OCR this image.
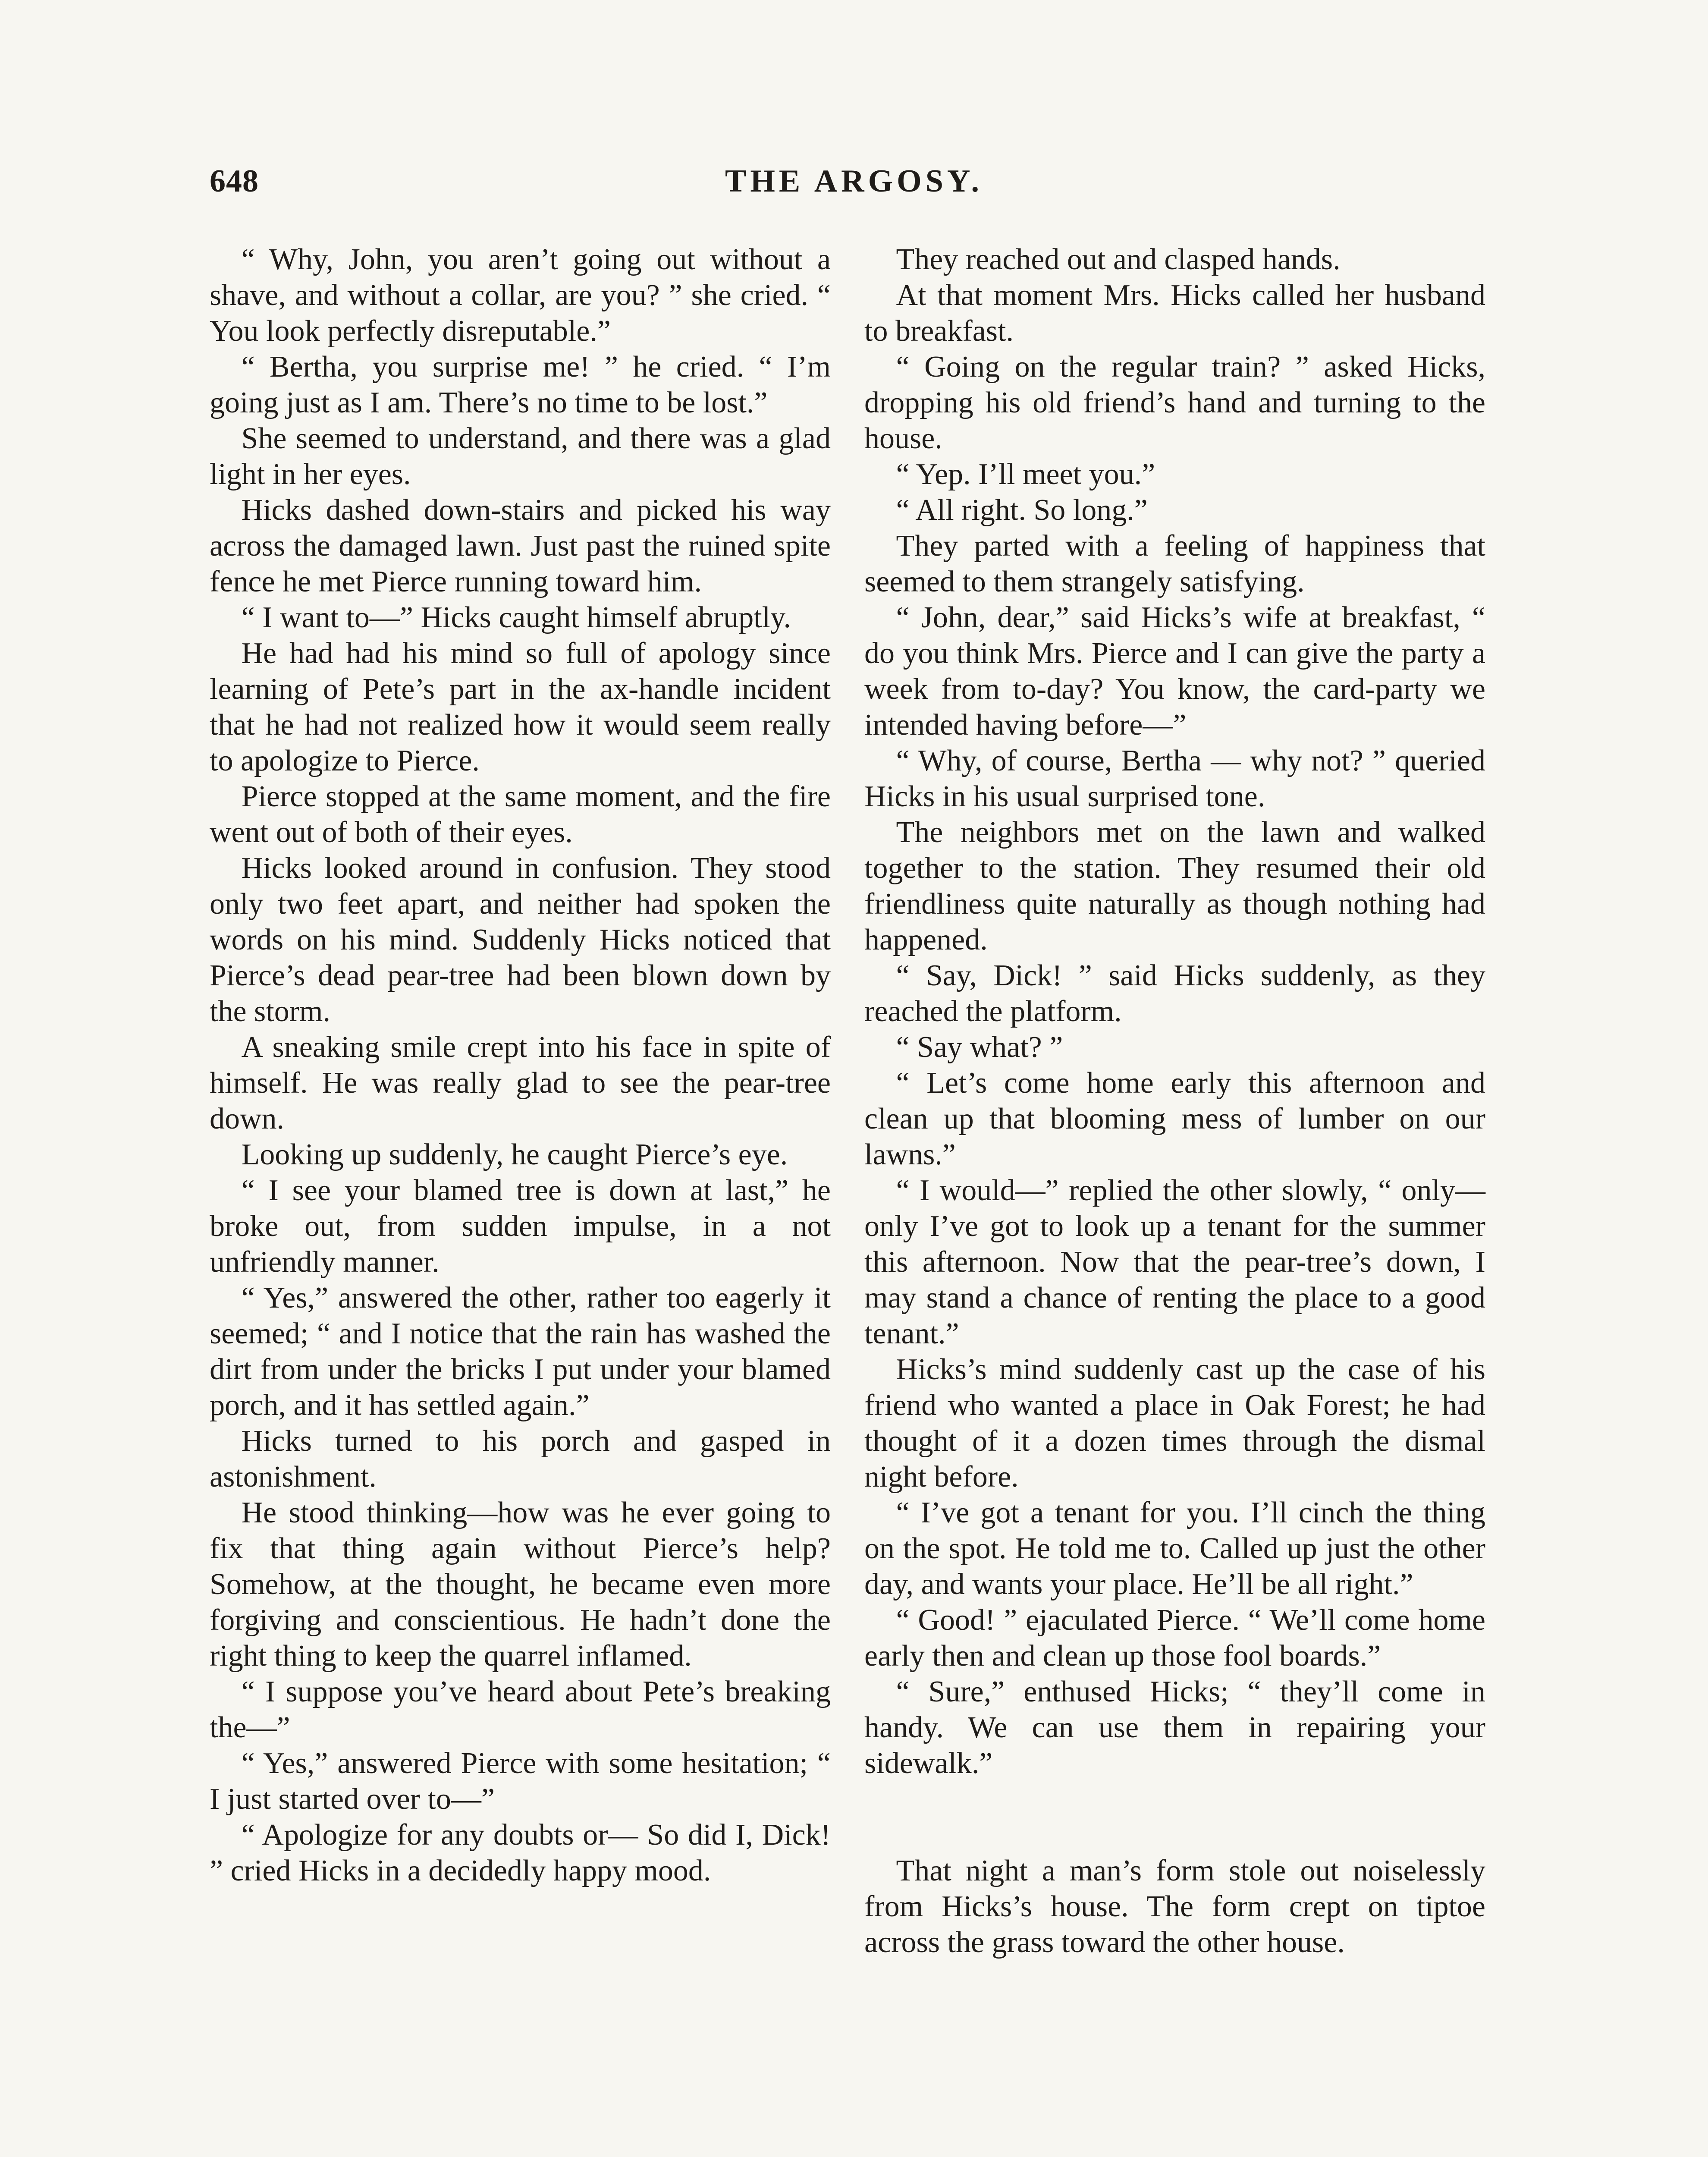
648	THE ARGOSY.

“ Why, John, you aren’t going out without a shave, and without a collar, are you? ” she cried. “ You look perfectly disreputable.”

“ Bertha, you surprise me! ” he cried. “ I’m going just as I am. There’s no time to be lost.”

She seemed to understand, and there was a glad light in her eyes.

Hicks dashed down-stairs and picked his way across the damaged lawn. Just past the ruined spite fence he met Pierce running toward him.

“ I want to—” Hicks caught himself abruptly.

He had had his mind so full of apology since learning of Pete’s part in the ax-handle incident that he had not realized how it would seem really to apologize to Pierce.

Pierce stopped at the same moment, and the fire went out of both of their eyes.

Hicks looked around in confusion. They stood only two feet apart, and neither had spoken the words on his mind. Suddenly Hicks noticed that Pierce’s dead pear-tree had been blown down by the storm.

A sneaking smile crept into his face in spite of himself. He was really glad to see the pear-tree down.

Looking up suddenly, he caught Pierce’s eye.

“ I see your blamed tree is down at last,” he broke out, from sudden impulse, in a not unfriendly manner.

“ Yes,” answered the other, rather too eagerly it seemed; “ and I notice that the rain has washed the dirt from under the bricks I put under your blamed porch, and it has settled again.”

Hicks turned to his porch and gasped in astonishment.

He stood thinking—how was he ever going to fix that thing again without Pierce’s help? Somehow, at the thought, he became even more forgiving and conscientious. He hadn’t done the right thing to keep the quarrel inflamed.

“ I suppose you’ve heard about Pete’s breaking the—”

“ Yes,” answered Pierce with some hesitation; “ I just started over to—”

“ Apologize for any doubts or— So did I, Dick! ” cried Hicks in a decidedly happy mood.

They reached out and clasped hands.

At that moment Mrs. Hicks called her husband to breakfast.

“ Going on the regular train? ” asked Hicks, dropping his old friend’s hand and turning to the house.

“ Yep. I’ll meet you.”

“ All right. So long.”

They parted with a feeling of happiness that seemed to them strangely satisfying.

“ John, dear,” said Hicks’s wife at breakfast, “ do you think Mrs. Pierce and I can give the party a week from to-day? You know, the card-party we intended having before—”

“ Why, of course, Bertha — why not? ” queried Hicks in his usual surprised tone.

The neighbors met on the lawn and walked together to the station. They resumed their old friendliness quite naturally as though nothing had happened.

“ Say, Dick! ” said Hicks suddenly, as they reached the platform.

“ Say what? ”

“ Let’s come home early this afternoon and clean up that blooming mess of lumber on our lawns.”

“ I would—” replied the other slowly, “ only—only I’ve got to look up a tenant for the summer this afternoon. Now that the pear-tree’s down, I may stand a chance of renting the place to a good tenant.”

Hicks’s mind suddenly cast up the case of his friend who wanted a place in Oak Forest; he had thought of it a dozen times through the dismal night before.

“ I’ve got a tenant for you. I’ll cinch the thing on the spot. He told me to. Called up just the other day, and wants your place. He’ll be all right.”

“ Good! ” ejaculated Pierce. “ We’ll come home early then and clean up those fool boards.”

“ Sure,” enthused Hicks; “ they’ll come in handy. We can use them in repairing your sidewalk.”

That night a man’s form stole out noiselessly from Hicks’s house. The form crept on tiptoe across the grass toward the other house.
